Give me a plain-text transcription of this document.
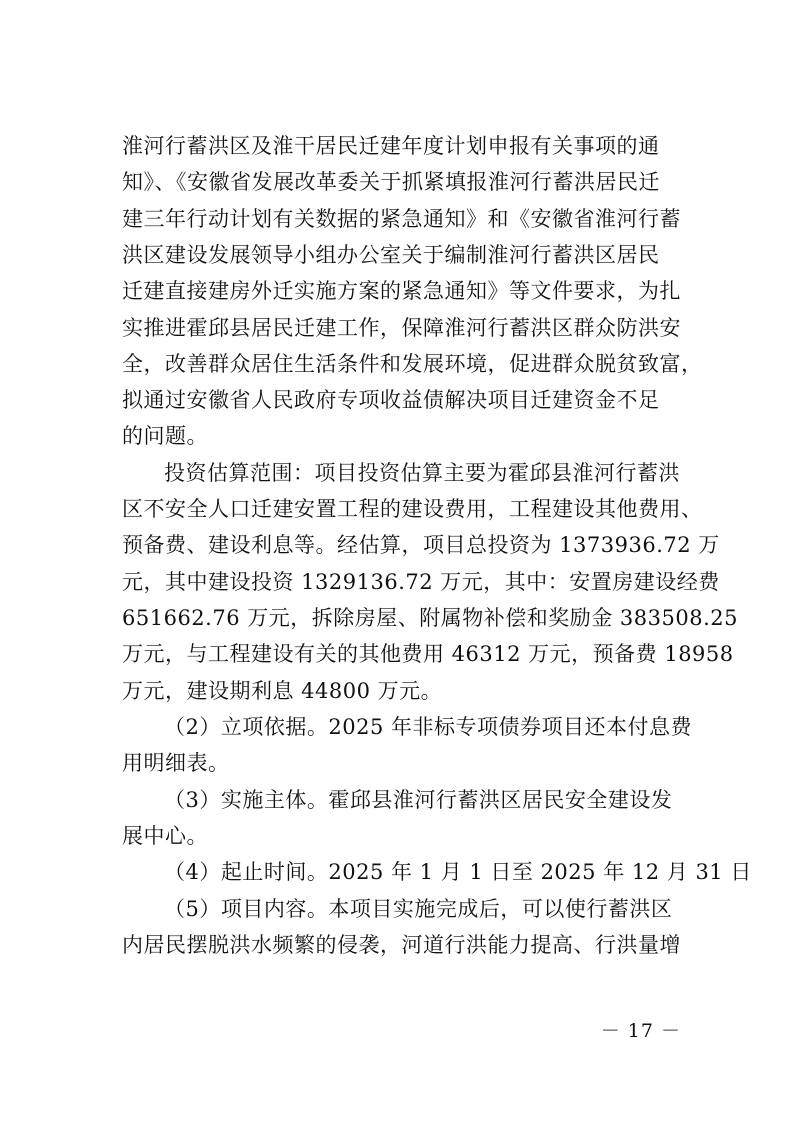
淮河行蓄洪区及淮干居民迁建年度计划申报有关事项的通
知》、《安徽省发展改革委关于抓紧填报淮河行蓄洪居民迁
建三年行动计划有关数据的紧急通知》和《安徽省淮河行蓄
洪区建设发展领导小组办公室关于编制淮河行蓄洪区居民
迁建直接建房外迁实施方案的紧急通知》等文件要求，为扎
实推进霍邱县居民迁建工作，保障淮河行蓄洪区群众防洪安
全，改善群众居住生活条件和发展环境，促进群众脱贫致富，
拟通过安徽省人民政府专项收益债解决项目迁建资金不足
的问题。
投资估算范围：项目投资估算主要为霍邱县淮河行蓄洪
区不安全人口迁建安置工程的建设费用，工程建设其他费用、
预备费、建设利息等。经估算，项目总投资为 1373936.72 万
元，其中建设投资 1329136.72 万元，其中：安置房建设经费
651662.76 万元，拆除房屋、附属物补偿和奖励金 383508.25
万元，与工程建设有关的其他费用 46312 万元，预备费 18958
万元，建设期利息 44800 万元。
（2）立项依据。2025 年非标专项债券项目还本付息费
用明细表。
（3）实施主体。霍邱县淮河行蓄洪区居民安全建设发
展中心。
（4）起止时间。2025 年 1 月 1 日至 2025 年 12 月 31 日
（5）项目内容。本项目实施完成后，可以使行蓄洪区
内居民摆脱洪水频繁的侵袭，河道行洪能力提高、行洪量增
－ 17 －
